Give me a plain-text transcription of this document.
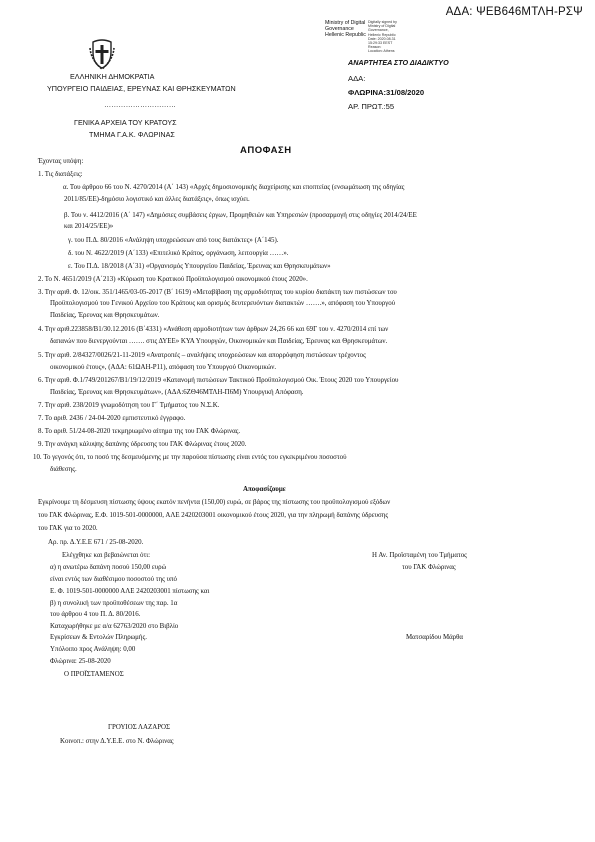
ΑΔΑ: ΨΕΒ646ΜΤΛΗ-ΡΣΨ
Ministry of Digital
Governance
Hellenic Republic
Digitally signed by
Ministry of Digital
Governance,
Hellenic Republic
Date: 2020.08.31
15:29:33 EEST
Reason:
Location: Athens
ΕΛΛΗΝΙΚΗ ΔΗΜΟΚΡΑΤΙΑ
ΥΠΟΥΡΓΕΙΟ ΠΑΙΔΕΙΑΣ, ΕΡΕΥΝΑΣ ΚΑΙ ΘΡΗΣΚΕΥΜΑΤΩΝ
…………………………
ΓΕΝΙΚΑ ΑΡΧΕΙΑ ΤΟΥ ΚΡΑΤΟΥΣ
ΤΜΗΜΑ Γ.Α.Κ. ΦΛΩΡΙΝΑΣ
ΑΝΑΡΤΗΤΕΑ ΣΤΟ ΔΙΑΔΙΚΤΥΟ
ΑΔΑ:
ΦΛΩΡΙΝΑ:31/08/2020
ΑΡ. ΠΡΩΤ.:55
ΑΠΟΦΑΣΗ
Έχοντας υπόψη:
1. Τις διατάξεις:
α. Του άρθρου 66 του Ν. 4270/2014 (Α΄ 143) «Αρχές δημοσιονομικής διαχείρισης και εποπτείας (ενσωμάτωση της οδηγίας
2011/85/ΕΕ)-δημόσιο λογιστικό και άλλες διατάξεις», όπως ισχύει.
β. Του ν. 4412/2016 (Α΄ 147) «Δημόσιες συμβάσεις έργων, Προμηθειών και Υπηρεσιών (προσαρμογή στις οδηγίες 2014/24/ΕΕ
και 2014/25/ΕΕ)»
γ. του Π.Δ. 80/2016 «Ανάληψη υποχρεώσεων από τους διατάκτες» (Α΄145).
δ. του Ν. 4622/2019 (Α΄133) «Επιτελικό Κράτος, οργάνωση, λειτουργία ……».
ε. Του Π.Δ. 18/2018 (Α΄31) «Οργανισμός Υπουργείου Παιδείας, Έρευνας και Θρησκευμάτων»
2. Το Ν. 4651/2019 (Α΄213) «Κύρωση του Κρατικού Προϋπολογισμού οικονομικού έτους 2020».
3. Την αριθ. Φ. 12/οικ. 351/1465/03-05-2017 (Β΄ 1619) «Μεταβίβαση της αρμοδιότητας του κυρίου διατάκτη των πιστώσεων του
Προϋπολογισμού του Γενικού Αρχείου του Κράτους και ορισμός δευτερευόντων διατακτών …….», απόφαση του Υπουργού
Παιδείας, Έρευνας και Θρησκευμάτων.
4. Την αριθ.223858/Β1/30.12.2016 (Β΄4331) «Ανάθεση αρμοδιοτήτων των άρθρων 24,26 66 και 69Γ του ν. 4270/2014 επί των
δαπανών που διενεργούνται ……. στις ΔΥΕΕ» ΚΥΑ Υπουργών, Οικονομικών και Παιδείας, Έρευνας και Θρησκευμάτων.
5. Την αριθ. 2/84327/0026/21-11-2019 «Ανατροπές – αναλήψεις υποχρεώσεων και απορρόφηση πιστώσεων τρέχοντος
οικονομικού έτους», (ΑΔΑ: 61ΩΑΗ-Ρ11), απόφαση του Υπουργού Οικονομικών.
6. Την αριθ. Φ.1/749/201267/Β1/19/12/2019 «Κατανομή πιστώσεων Τακτικού Προϋπολογισμού Οικ. Έτους 2020 του Υπουργείου
Παιδείας, Έρευνας και Θρησκευμάτων», (ΑΔΑ:6ΖΘ46ΜΤΛΗ-Π6Μ) Υπουργική Απόφαση.
7. Την αριθ. 238/2019 γνωμοδότηση του Γ΄ Τμήματος του Ν.Σ.Κ.
7. Το αριθ. 2436 / 24-04-2020 εμπιστευτικό έγγραφο.
8. Το αριθ. 51/24-08-2020 τεκμηριωμένο αίτημα της του ΓΑΚ Φλώρινας.
9. Την ανάγκη κάλυψης δαπάνης ύδρευσης του ΓΑΚ Φλώρινας έτους 2020.
10. Το γεγονός ότι, το ποσό της δεσμευόμενης με την παρούσα πίστωσης είναι εντός του εγκεκριμένου ποσοστού
διάθεσης.
Αποφασίζουμε
Εγκρίνουμε τη δέσμευση πίστωσης ύψους εκατόν πενήντα (150,00) ευρώ, σε βάρος της πίστωσης του προϋπολογισμού εξόδων
του ΓΑΚ Φλώρινας, Ε.Φ. 1019-501-0000000, ΑΛΕ 2420203001 οικονομικού έτους 2020, για την πληρωμή δαπάνης ύδρευσης
του ΓΑΚ για το 2020.
Αρ. πρ. Δ.Υ.Ε.Ε 671 / 25-08-2020.
Ελέγχθηκε και βεβαιώνεται ότι:
α) η ανωτέρω δαπάνη ποσού 150,00 ευρώ
είναι εντός των διαθέσιμου ποσοστού της υπό
Ε. Φ. 1019-501-0000000 ΑΛΕ 2420203001 πίστωσης και
β) η συνολική των προϋποθέσεων της παρ. 1α
του άρθρου 4 του Π. Δ. 80/2016.
Καταχωρήθηκε με α/α 62763/2020 στο Βιβλίο
Εγκρίσεων & Εντολών Πληρωμής.
Υπόλοιπο προς Ανάληψη: 0,00
Φλώρινα: 25-08-2020
Ο ΠΡΟΪΣΤΑΜΕΝΟΣ
Η Αν. Προϊσταμένη του Τμήματος
του ΓΑΚ Φλώρινας
Ματσαρίδου Μάρθα
ΓΡΟΥΙΟΣ ΛΑΖΑΡΟΣ
Κοινοπ.: στην Δ.Υ.Ε.Ε. στο Ν. Φλώρινας
